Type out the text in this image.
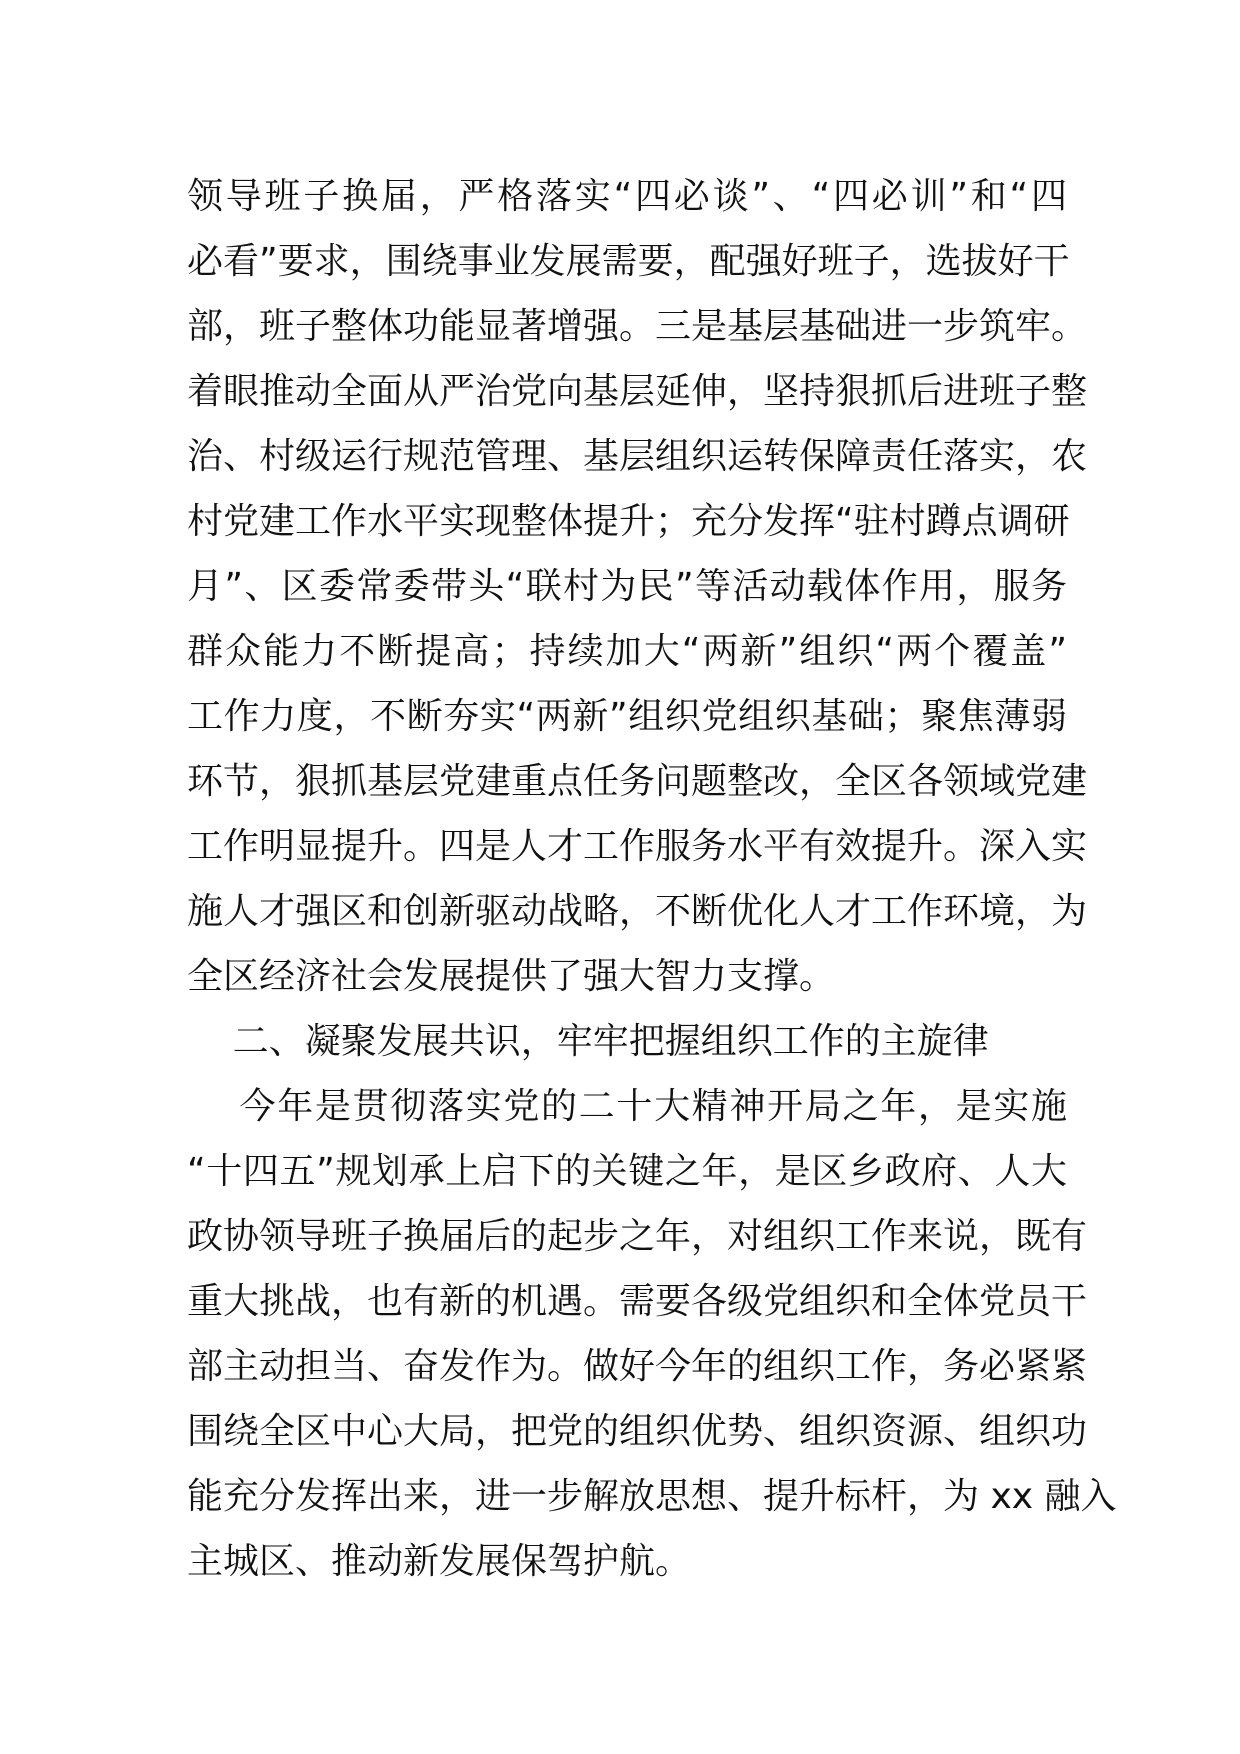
领导班子换届，严格落实“四必谈”、“四必训”和“四
必看”要求，围绕事业发展需要，配强好班子，选拔好干
部，班子整体功能显著增强。三是基层基础进一步筑牢。
着眼推动全面从严治党向基层延伸，坚持狠抓后进班子整
治、村级运行规范管理、基层组织运转保障责任落实，农
村党建工作水平实现整体提升；充分发挥“驻村蹲点调研
月”、区委常委带头“联村为民”等活动载体作用，服务
群众能力不断提高；持续加大“两新”组织“两个覆盖”
工作力度，不断夯实“两新”组织党组织基础；聚焦薄弱
环节，狠抓基层党建重点任务问题整改，全区各领域党建
工作明显提升。四是人才工作服务水平有效提升。深入实
施人才强区和创新驱动战略，不断优化人才工作环境，为
全区经济社会发展提供了强大智力支撑。
二、凝聚发展共识，牢牢把握组织工作的主旋律
今年是贯彻落实党的二十大精神开局之年，是实施
“十四五”规划承上启下的关键之年，是区乡政府、人大
政协领导班子换届后的起步之年，对组织工作来说，既有
重大挑战，也有新的机遇。需要各级党组织和全体党员干
部主动担当、奋发作为。做好今年的组织工作，务必紧紧
围绕全区中心大局，把党的组织优势、组织资源、组织功
能充分发挥出来，进一步解放思想、提升标杆，为 xx 融入
主城区、推动新发展保驾护航。
